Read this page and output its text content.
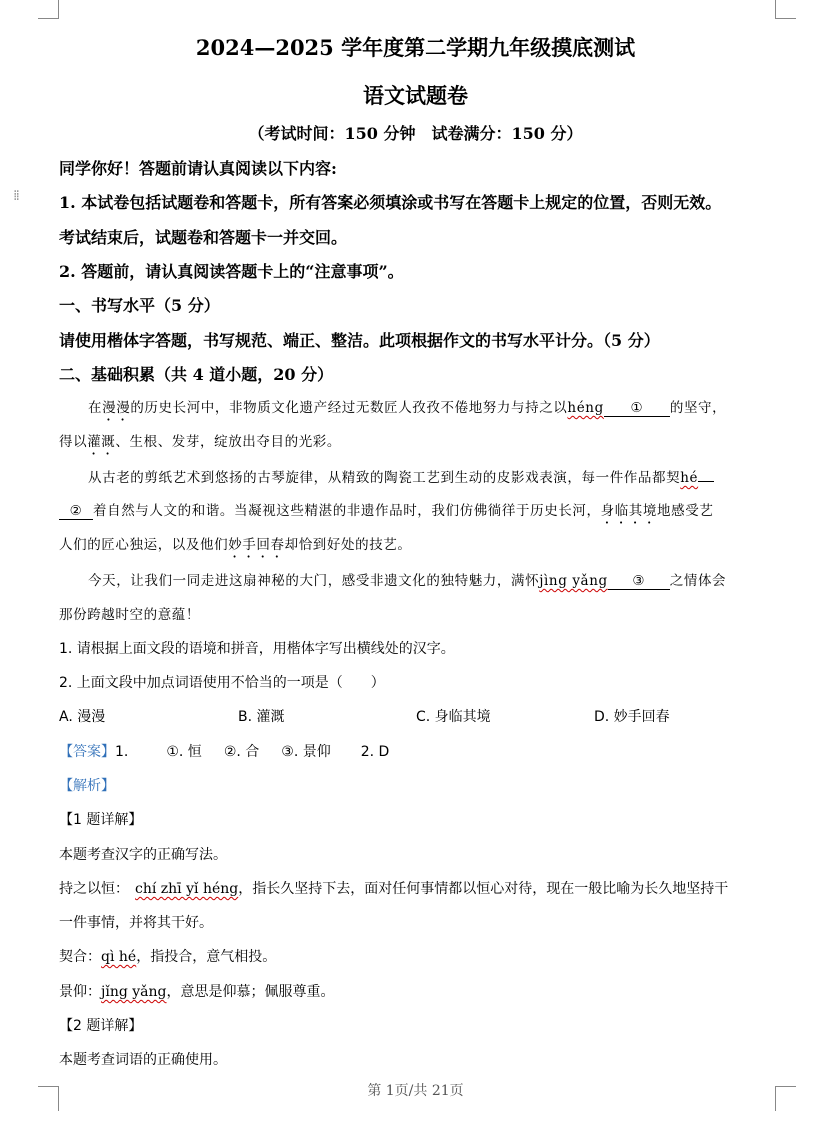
⁞⁞
2024—2025 学年度第二学期九年级摸底测试
语文试题卷
（考试时间：150 分钟　试卷满分：150 分）
同学你好！答题前请认真阅读以下内容:
1. 本试卷包括试题卷和答题卡，所有答案必须填涂或书写在答题卡上规定的位置，否则无效。
考试结束后，试题卷和答题卡一并交回。
2. 答题前，请认真阅读答题卡上的“注意事项”。
一、书写水平（5 分）
请使用楷体字答题，书写规范、端正、整洁。此项根据作文的书写水平计分。（5 分）
二、基础积累（共 4 道小题，20 分）
在漫漫的历史长河中，非物质文化遗产经过无数匠人孜孜不倦地努力与持之以héng ① 的坚守，
得以灌溉、生根、发芽，绽放出夺目的光彩。
从古老的剪纸艺术到悠扬的古琴旋律，从精致的陶瓷工艺到生动的皮影戏表演，每一件作品都契hé
② 着自然与人文的和谐。当凝视这些精湛的非遗作品时，我们仿佛徜徉于历史长河，身临其境地感受艺
人们的匠心独运，以及他们妙手回春却恰到好处的技艺。
今天，让我们一同走进这扇神秘的大门，感受非遗文化的独特魅力，满怀jìng yǎng ③ 之情体会
那份跨越时空的意蕴！
1. 请根据上面文段的语境和拼音，用楷体字写出横线处的汉字。
2. 上面文段中加点词语使用不恰当的一项是（　　）
A. 漫漫	B. 灌溉	C. 身临其境	D. 妙手回春
【答案】1.	①. 恒 ②. 合 ③. 景仰 2. D
【解析】
【1 题详解】
本题考查汉字的正确写法。
持之以恒： chí zhī yǐ héng，指长久坚持下去，面对任何事情都以恒心对待，现在一般比喻为长久地坚持干
一件事情，并将其干好。
契合：qì hé，指投合，意气相投。
景仰：jǐng yǎng，意思是仰慕；佩服尊重。
【2 题详解】
本题考查词语的正确使用。
第 1页/共 21页
